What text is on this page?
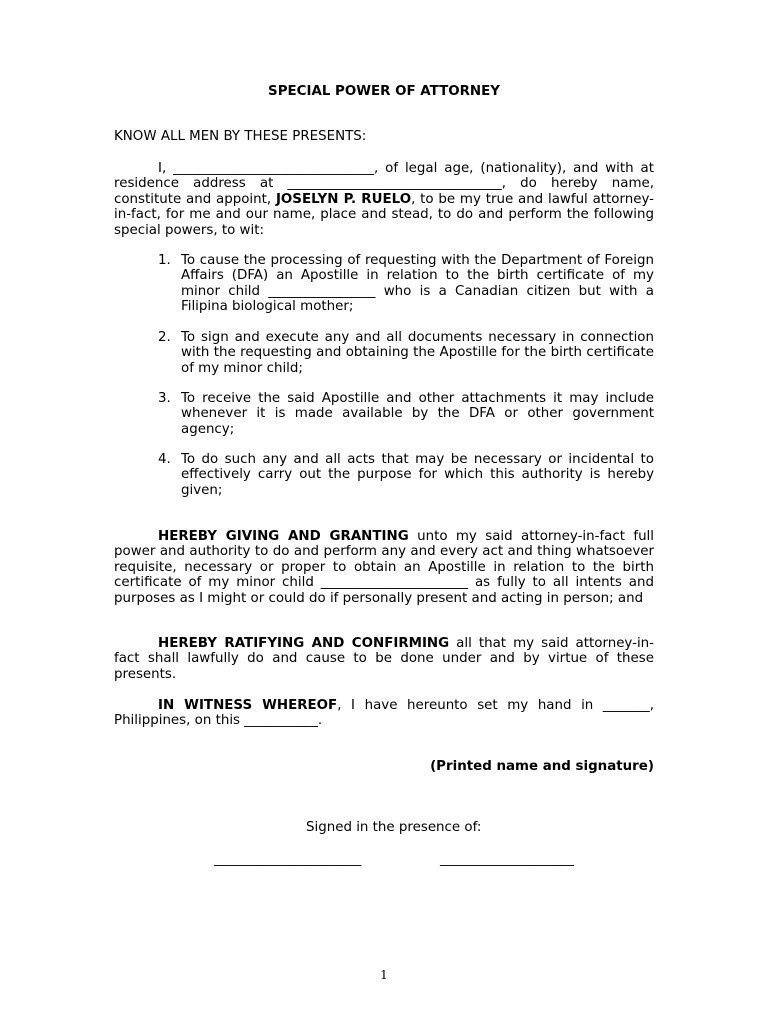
SPECIAL POWER OF ATTORNEY
KNOW ALL MEN BY THESE PRESENTS:
I, ______________________________, of legal age, (nationality), and with at residence address at ________________________________, do hereby name, constitute and appoint, JOSELYN P. RUELO, to be my true and lawful attorney-in-fact, for me and our name, place and stead, to do and perform the following special powers, to wit:
1. To cause the processing of requesting with the Department of Foreign Affairs (DFA) an Apostille in relation to the birth certificate of my minor child ________________ who is a Canadian citizen but with a Filipina biological mother;
2. To sign and execute any and all documents necessary in connection with the requesting and obtaining the Apostille for the birth certificate of my minor child;
3. To receive the said Apostille and other attachments it may include whenever it is made available by the DFA or other government agency;
4. To do such any and all acts that may be necessary or incidental to effectively carry out the purpose for which this authority is hereby given;
HEREBY GIVING AND GRANTING unto my said attorney-in-fact full power and authority to do and perform any and every act and thing whatsoever requisite, necessary or proper to obtain an Apostille in relation to the birth certificate of my minor child ______________________ as fully to all intents and purposes as I might or could do if personally present and acting in person; and
HEREBY RATIFYING AND CONFIRMING all that my said attorney-in-fact shall lawfully do and cause to be done under and by virtue of these presents.
IN WITNESS WHEREOF, I have hereunto set my hand in _______, Philippines, on this ___________.
(Printed name and signature)
Signed in the presence of:
______________________	____________________
1
